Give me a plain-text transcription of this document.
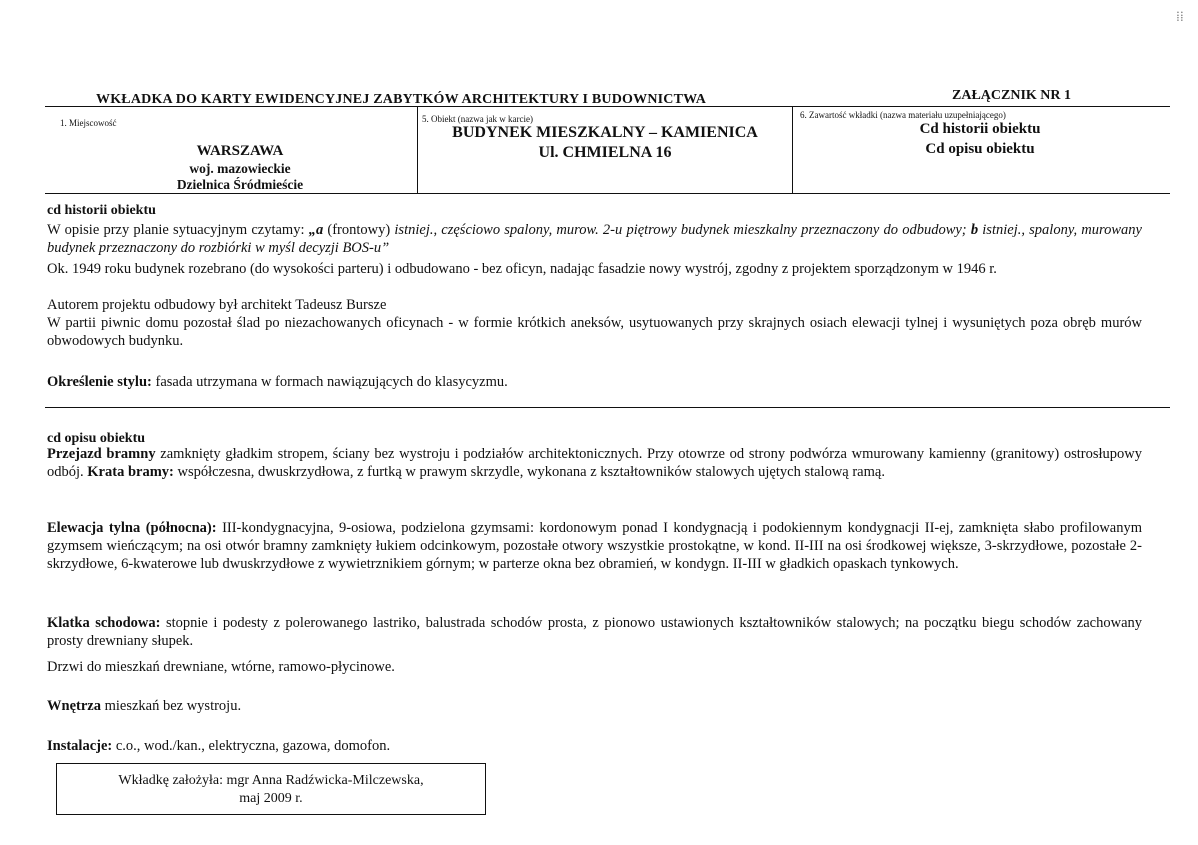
⁞⁞
WKŁADKA DO KARTY EWIDENCYJNEJ ZABYTKÓW ARCHITEKTURY I BUDOWNICTWA	ZAŁĄCZNIK NR 1
1. Miejscowość
WARSZAWA
woj. mazowieckie
Dzielnica Śródmieście
5. Obiekt (nazwa jak w karcie)
BUDYNEK MIESZKALNY – KAMIENICA
Ul. CHMIELNA 16
6. Zawartość wkładki (nazwa materiału uzupełniającego)
Cd historii obiektu
Cd opisu obiektu
cd historii obiektu
W opisie przy planie sytuacyjnym czytamy: „a (frontowy) istniej., częściowo spalony, murow. 2-u piętrowy budynek mieszkalny przeznaczony do odbudowy; b istniej., spalony, murowany budynek przeznaczony do rozbiórki w myśl decyzji BOS-u”
Ok. 1949 roku budynek rozebrano (do wysokości parteru) i odbudowano - bez oficyn, nadając fasadzie nowy wystrój, zgodny z projektem sporządzonym w 1946 r.
Autorem projektu odbudowy był architekt Tadeusz Bursze
W partii piwnic domu pozostał ślad po niezachowanych oficynach - w formie krótkich aneksów, usytuowanych przy skrajnych osiach elewacji tylnej i wysuniętych poza obręb murów obwodowych budynku.
Określenie stylu: fasada utrzymana w formach nawiązujących do klasycyzmu.
cd opisu obiektu
Przejazd bramny zamknięty gładkim stropem, ściany bez wystroju i podziałów architektonicznych. Przy otowrze od strony podwórza wmurowany kamienny (granitowy) ostrosłupowy odbój. Krata bramy: współczesna, dwuskrzydłowa, z furtką w prawym skrzydle, wykonana z kształtowników stalowych ujętych stalową ramą.
Elewacja tylna (północna): III-kondygnacyjna, 9-osiowa, podzielona gzymsami: kordonowym ponad I kondygnacją i podokiennym kondygnacji II-ej, zamknięta słabo profilowanym gzymsem wieńczącym; na osi otwór bramny zamknięty łukiem odcinkowym, pozostałe otwory wszystkie prostokątne, w kond. II-III na osi środkowej większe, 3-skrzydłowe, pozostałe 2-skrzydłowe, 6-kwaterowe lub dwuskrzydłowe z wywietrznikiem górnym; w parterze okna bez obramień, w kondygn. II-III w gładkich opaskach tynkowych.
Klatka schodowa: stopnie i podesty z polerowanego lastriko, balustrada schodów prosta, z pionowo ustawionych kształtowników stalowych; na początku biegu schodów zachowany prosty drewniany słupek.
Drzwi do mieszkań drewniane, wtórne, ramowo-płycinowe.
Wnętrza mieszkań bez wystroju.
Instalacje: c.o., wod./kan., elektryczna, gazowa, domofon.
Wkładkę założyła: mgr Anna Radźwicka-Milczewska,
maj 2009 r.
